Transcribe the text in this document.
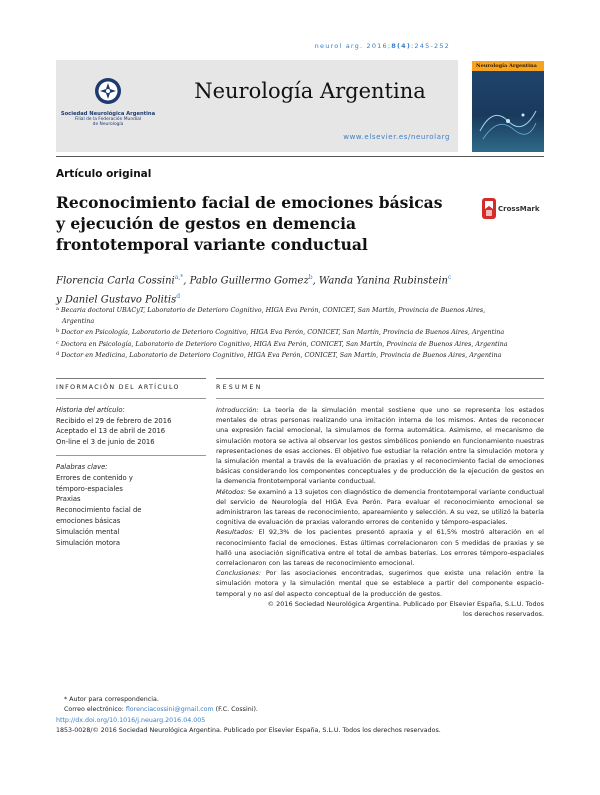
neurol arg. 2016;8(4):245-252
Sociedad Neurológica Argentina
Filial de la Federación Mundial
de Neurología
Neurología Argentina
www.elsevier.es/neurolarg
Neurología Argentina
Artículo original
Reconocimiento facial de emociones básicas y ejecución de gestos en demencia frontotemporal variante conductual
CrossMark
Florencia Carla Cossini$^{a,*}$, Pablo Guillermo Gomez$^b$, Wanda Yanina Rubinstein$^c$
y Daniel Gustavo Politis$^d$
$^a$ Becaria doctoral UBACyT, Laboratorio de Deterioro Cognitivo, HIGA Eva Perón, CONICET, San Martín, Provincia de Buenos Aires,
Argentina
$^b$ Doctor en Psicología, Laboratorio de Deterioro Cognitivo, HIGA Eva Perón, CONICET, San Martín, Provincia de Buenos Aires, Argentina
$^c$ Doctora en Psicología, Laboratorio de Deterioro Cognitivo, HIGA Eva Perón, CONICET, San Martín, Provincia de Buenos Aires, Argentina
$^d$ Doctor en Medicina, Laboratorio de Deterioro Cognitivo, HIGA Eva Perón, CONICET, San Martín, Provincia de Buenos Aires, Argentina
INFORMACIÓN DEL ARTÍCULO
Historia del artículo:
Recibido el 29 de febrero de 2016
Aceptado el 13 de abril de 2016
On-line el 3 de junio de 2016
Palabras clave:
Errores de contenido y
témporo-espaciales
Praxias
Reconocimiento facial de
emociones básicas
Simulación mental
Simulación motora
RESUMEN

Introducción: La teoría de la simulación mental sostiene que uno se representa los estados mentales de otras personas realizando una imitación interna de los mismos. Antes de reconocer una expresión facial emocional, la simulamos de forma automática. Asimismo, el mecanismo de simulación motora se activa al observar los gestos simbólicos poniendo en funcionamiento nuestras representaciones de esas acciones. El objetivo fue estudiar la relación entre la simulación motora y la simulación mental a través de la evaluación de praxias y el reconocimiento facial de emociones básicas considerando los componentes conceptuales y de producción de la ejecución de gestos en la demencia frontotemporal variante conductual.

Métodos: Se examinó a 13 sujetos con diagnóstico de demencia frontotemporal variante conductual del servicio de Neurología del HIGA Eva Perón. Para evaluar el reconocimiento emocional se administraron las tareas de reconocimiento, apareamiento y selección. A su vez, se utilizó la batería cognitiva de evaluación de praxias valorando errores de contenido y témporo-espaciales.

Resultados: El 92,3% de los pacientes presentó apraxia y el 61,5% mostró alteración en el reconocimiento facial de emociones. Estas últimas correlacionaron con 5 medidas de praxias y se halló una asociación significativa entre el total de ambas baterías. Los errores témporo-espaciales correlacionaron con las tareas de reconocimiento emocional.

Conclusiones: Por las asociaciones encontradas, sugerimos que existe una relación entre la simulación motora y la simulación mental que se establece a partir del componente espacio-temporal y no así del aspecto conceptual de la producción de gestos.

© 2016 Sociedad Neurológica Argentina. Publicado por Elsevier España, S.L.U. Todos los derechos reservados.

* Autor para correspondencia.
Correo electrónico: florenciacossini@gmail.com (F.C. Cossini).
http://dx.doi.org/10.1016/j.neuarg.2016.04.005
1853-0028/© 2016 Sociedad Neurológica Argentina. Publicado por Elsevier España, S.L.U. Todos los derechos reservados.
